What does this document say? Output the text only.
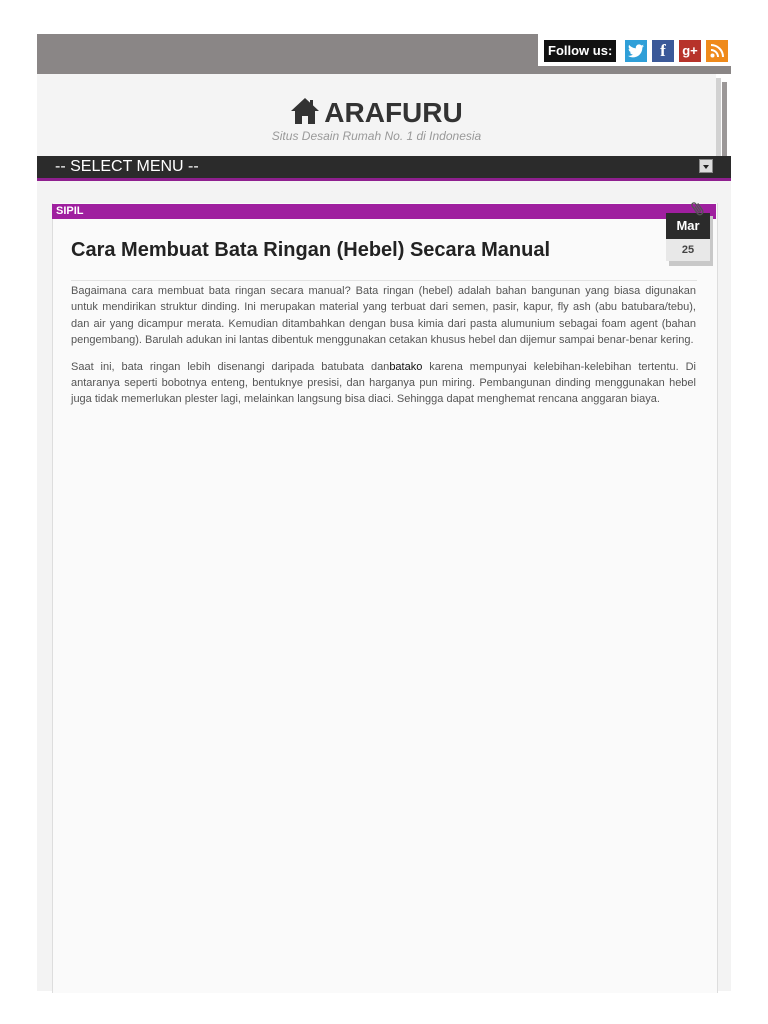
Follow us:	f	g+
ARAFURU
Situs Desain Rumah No. 1 di Indonesia
-- SELECT MENU --
SIPIL
Mar
25
Cara Membuat Bata Ringan (Hebel) Secara Manual

Bagaimana cara membuat bata ringan secara manual? Bata ringan (hebel) adalah bahan bangunan yang biasa digunakan untuk mendirikan struktur dinding. Ini merupakan material yang terbuat dari semen, pasir, kapur, fly ash (abu batubara/tebu), dan air yang dicampur merata. Kemudian ditambahkan dengan busa kimia dari pasta alumunium sebagai foam agent (bahan pengembang). Barulah adukan ini lantas dibentuk menggunakan cetakan khusus hebel dan dijemur sampai benar-benar kering.

Saat ini, bata ringan lebih disenangi daripada batubata danbatako karena mempunyai kelebihan-kelebihan tertentu. Di antaranya seperti bobotnya enteng, bentuknye presisi, dan harganya pun miring. Pembangunan dinding menggunakan hebel juga tidak memerlukan plester lagi, melainkan langsung bisa diaci. Sehingga dapat menghemat rencana anggaran biaya.
